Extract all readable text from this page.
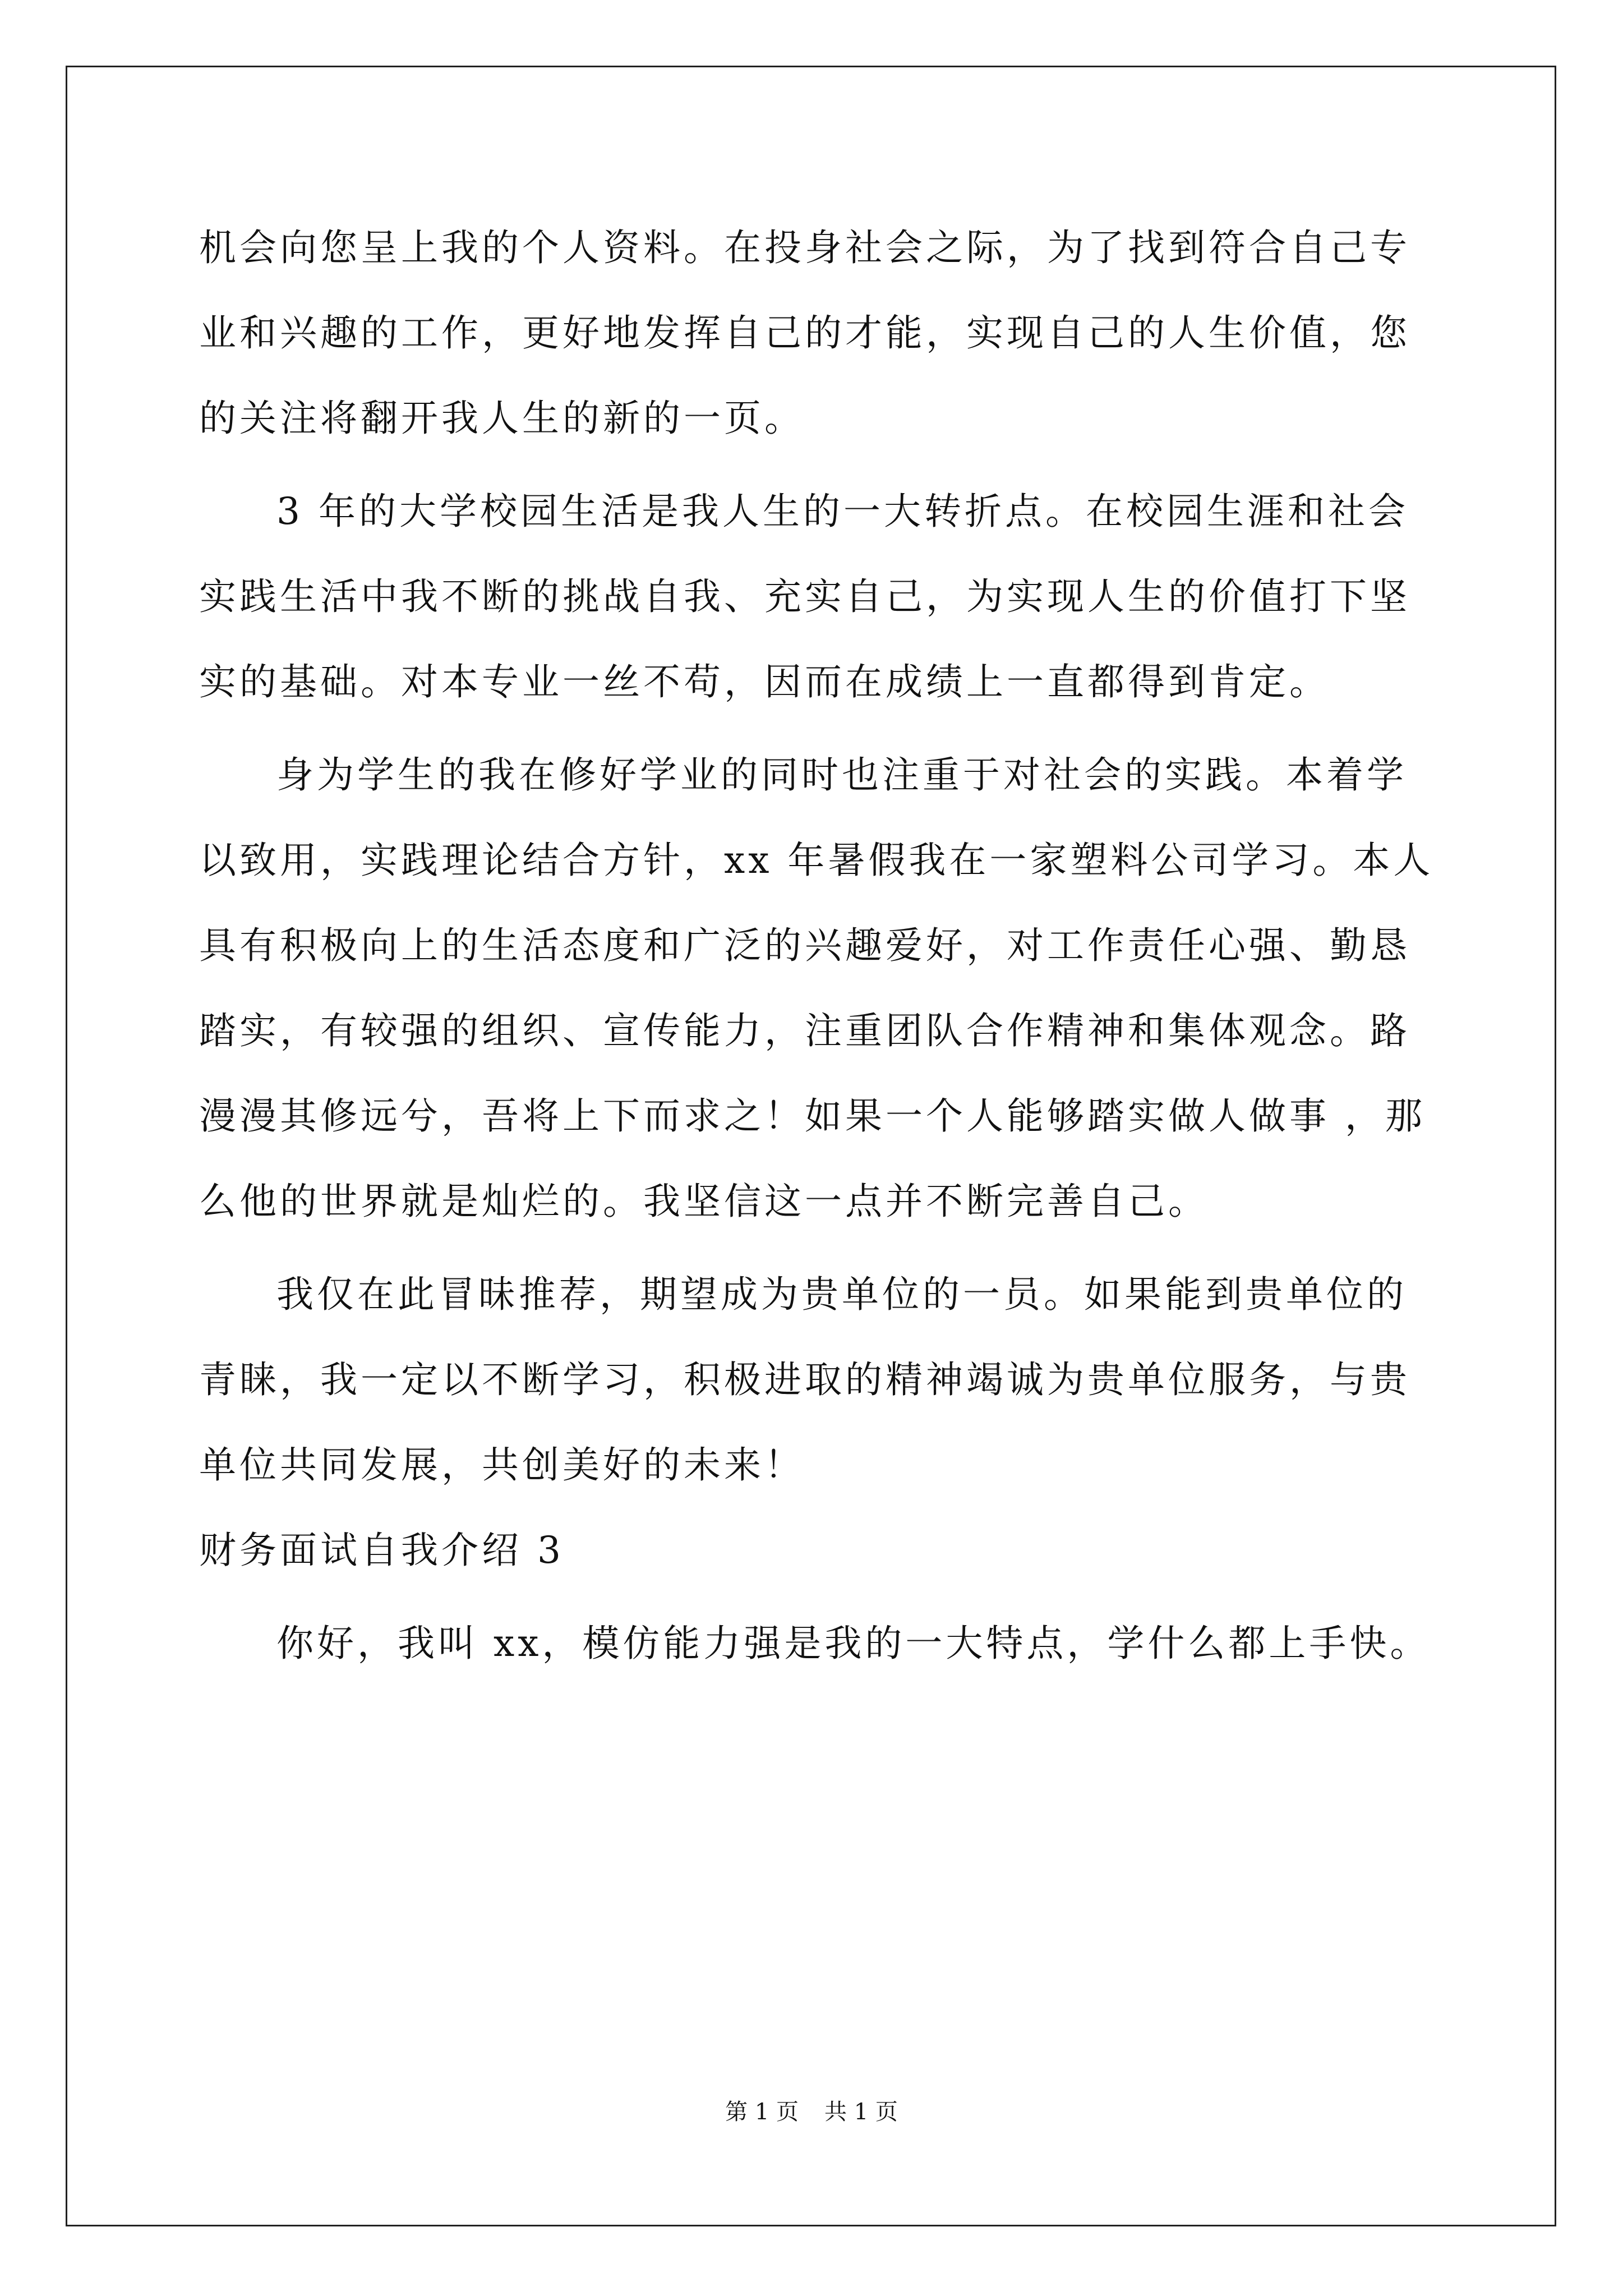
机会向您呈上我的个人资料。在投身社会之际，为了找到符合自己专
业和兴趣的工作，更好地发挥自己的才能，实现自己的人生价值，您
的关注将翻开我人生的新的一页。
3 年的大学校园生活是我人生的一大转折点。在校园生涯和社会
实践生活中我不断的挑战自我、充实自己，为实现人生的价值打下坚
实的基础。对本专业一丝不苟，因而在成绩上一直都得到肯定。
身为学生的我在修好学业的同时也注重于对社会的实践。本着学
以致用，实践理论结合方针，xx 年暑假我在一家塑料公司学习。本人
具有积极向上的生活态度和广泛的兴趣爱好，对工作责任心强、勤恳
踏实，有较强的组织、宣传能力，注重团队合作精神和集体观念。路
漫漫其修远兮，吾将上下而求之！如果一个人能够踏实做人做事 ，那
么他的世界就是灿烂的。我坚信这一点并不断完善自己。
我仅在此冒昧推荐，期望成为贵单位的一员。如果能到贵单位的
青睐，我一定以不断学习，积极进取的精神竭诚为贵单位服务，与贵
单位共同发展，共创美好的未来！
财务面试自我介绍 3
你好，我叫 xx，模仿能力强是我的一大特点，学什么都上手快。
第 1 页 共 1 页
